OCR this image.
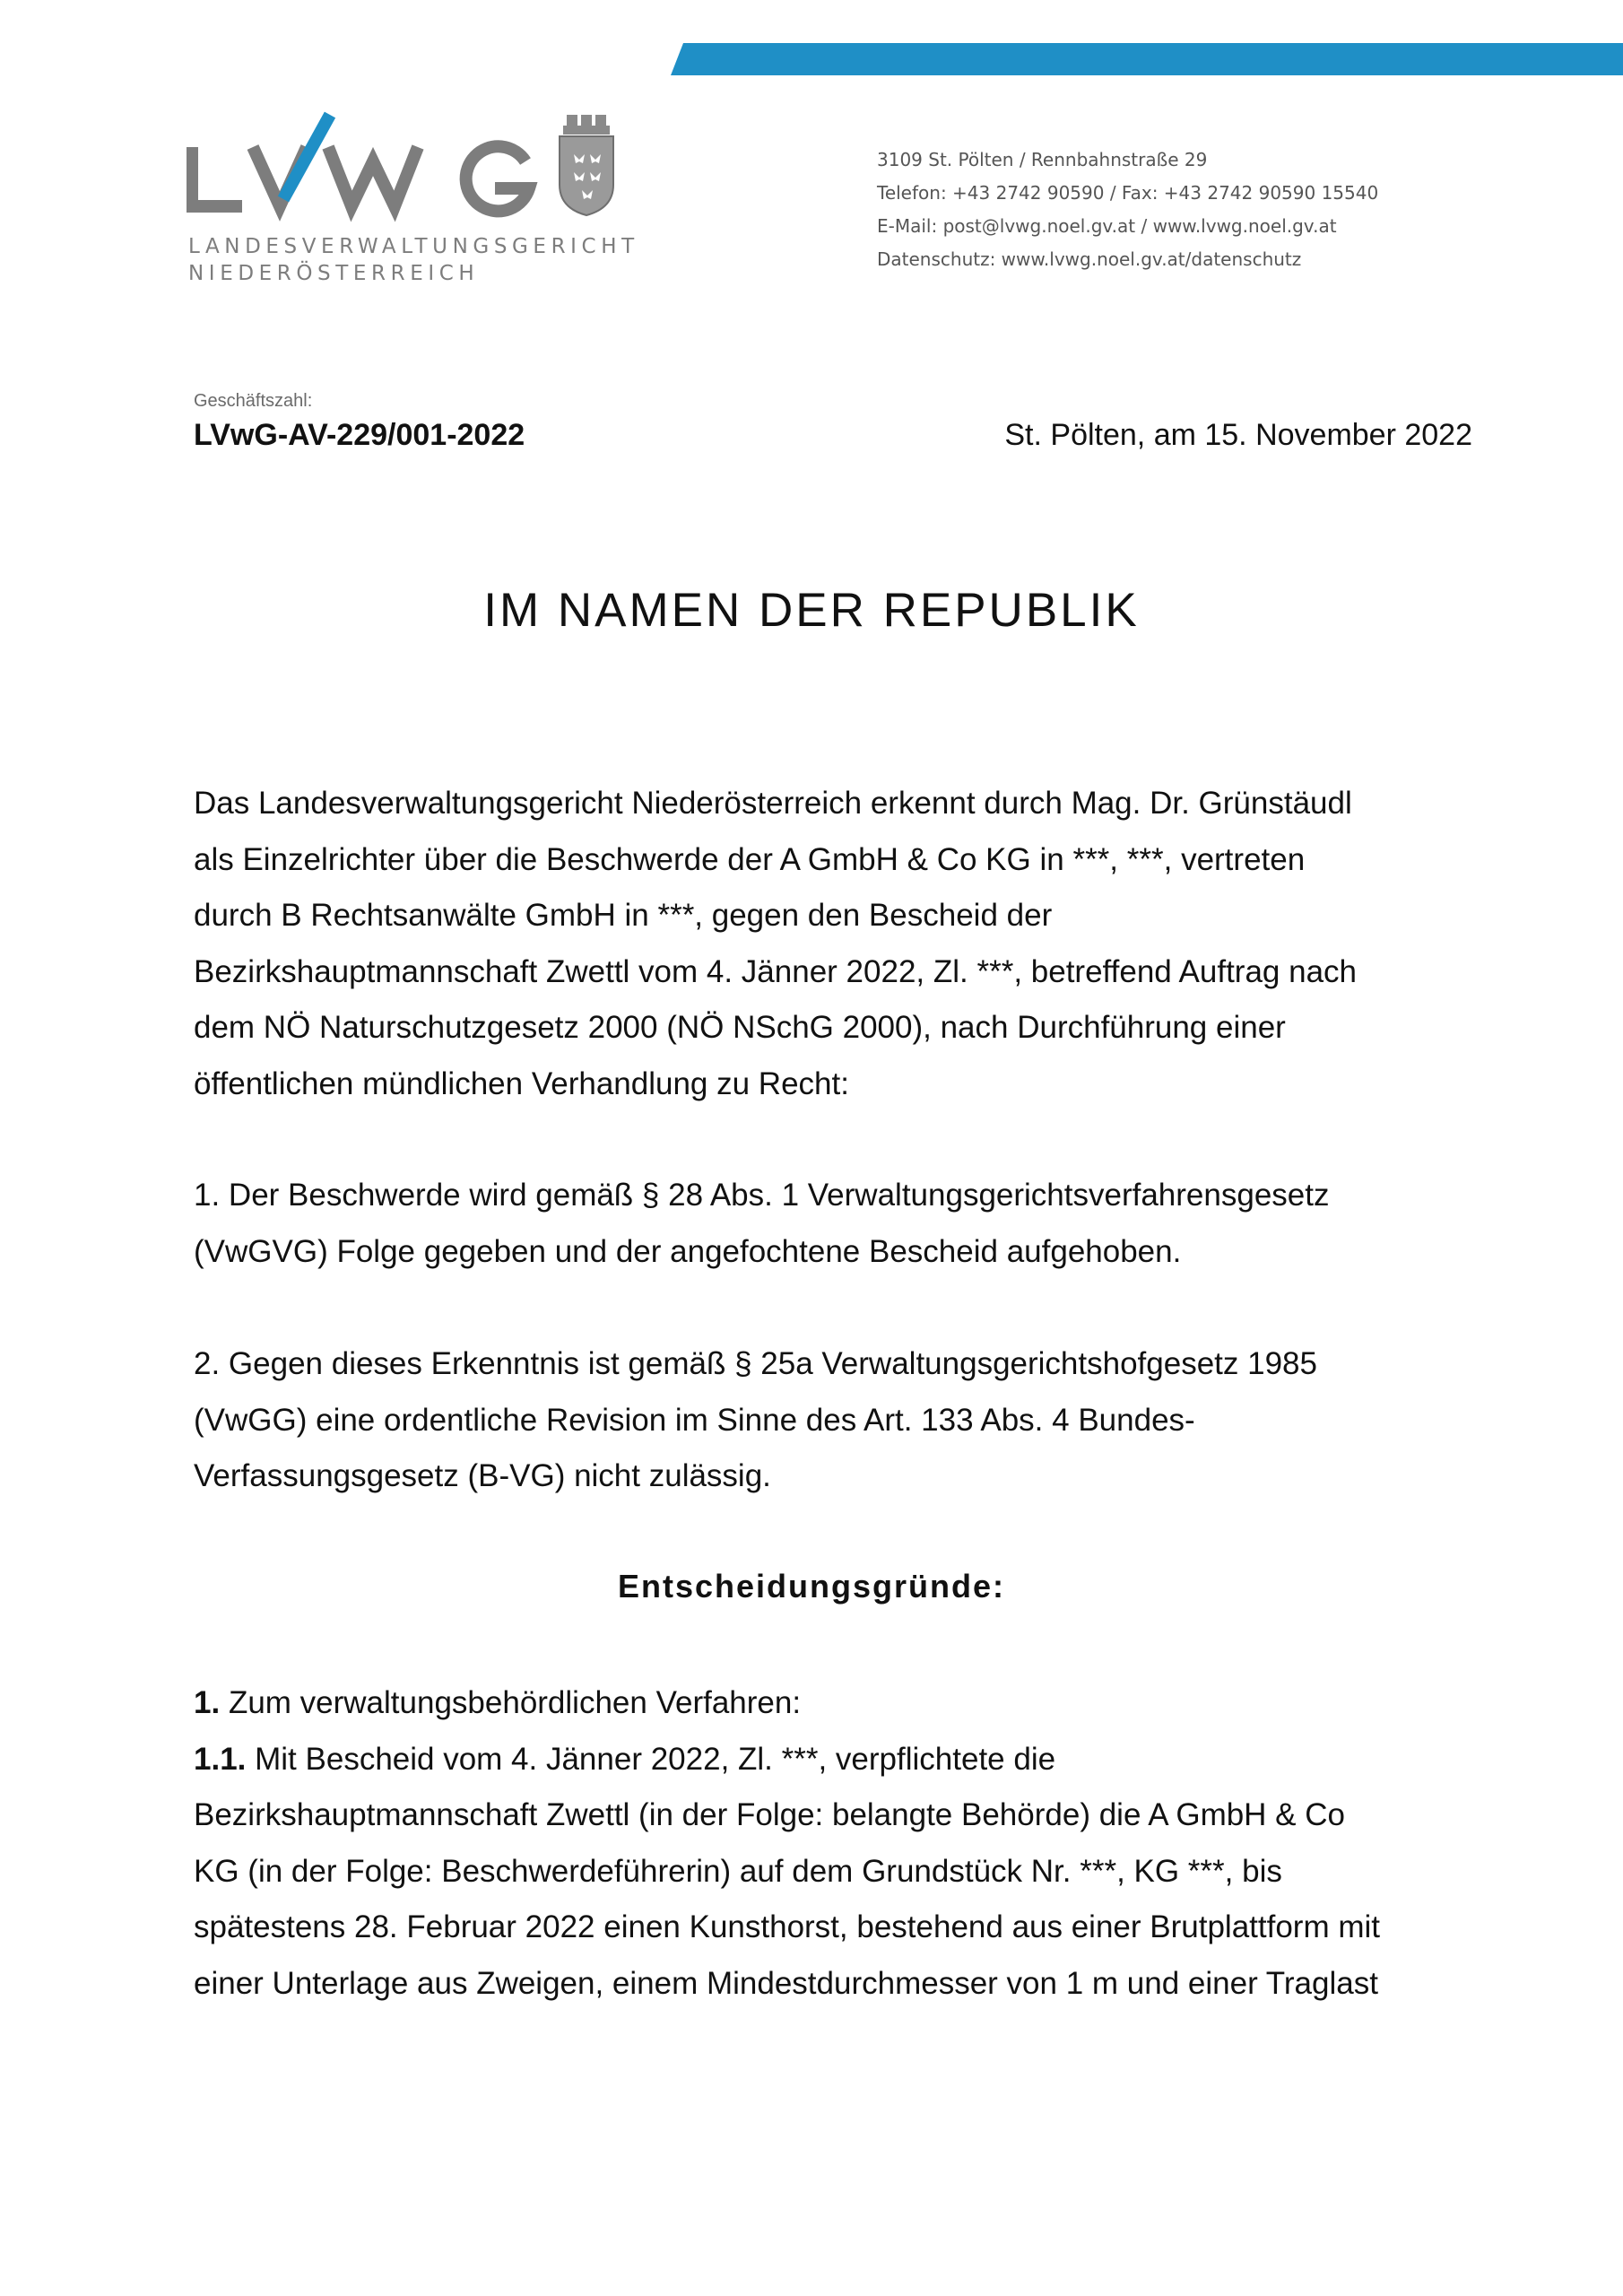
LANDESVERWALTUNGSGERICHT
NIEDERÖSTERREICH
3109 St. Pölten / Rennbahnstraße 29
Telefon: +43 2742 90590 / Fax: +43 2742 90590 15540
E-Mail: post@lvwg.noel.gv.at / www.lvwg.noel.gv.at
Datenschutz: www.lvwg.noel.gv.at/datenschutz
Geschäftszahl:
LVwG-AV-229/001-2022	St. Pölten, am 15. November 2022
IM NAMEN DER REPUBLIK
Das Landesverwaltungsgericht Niederösterreich erkennt durch Mag. Dr. Grünstäudl
als Einzelrichter über die Beschwerde der A GmbH & Co KG in ***, ***, vertreten
durch B Rechtsanwälte GmbH in ***, gegen den Bescheid der
Bezirkshauptmannschaft Zwettl vom 4. Jänner 2022, Zl. ***, betreffend Auftrag nach
dem NÖ Naturschutzgesetz 2000 (NÖ NSchG 2000), nach Durchführung einer
öffentlichen mündlichen Verhandlung zu Recht:
1. Der Beschwerde wird gemäß § 28 Abs. 1 Verwaltungsgerichtsverfahrensgesetz
(VwGVG) Folge gegeben und der angefochtene Bescheid aufgehoben.
2. Gegen dieses Erkenntnis ist gemäß § 25a Verwaltungsgerichtshofgesetz 1985
(VwGG) eine ordentliche Revision im Sinne des Art. 133 Abs. 4 Bundes-
Verfassungsgesetz (B-VG) nicht zulässig.
Entscheidungsgründe:
1. Zum verwaltungsbehördlichen Verfahren:
1.1. Mit Bescheid vom 4. Jänner 2022, Zl. ***, verpflichtete die
Bezirkshauptmannschaft Zwettl (in der Folge: belangte Behörde) die A GmbH & Co
KG (in der Folge: Beschwerdeführerin) auf dem Grundstück Nr. ***, KG ***, bis
spätestens 28. Februar 2022 einen Kunsthorst, bestehend aus einer Brutplattform mit
einer Unterlage aus Zweigen, einem Mindestdurchmesser von 1 m und einer Traglast
